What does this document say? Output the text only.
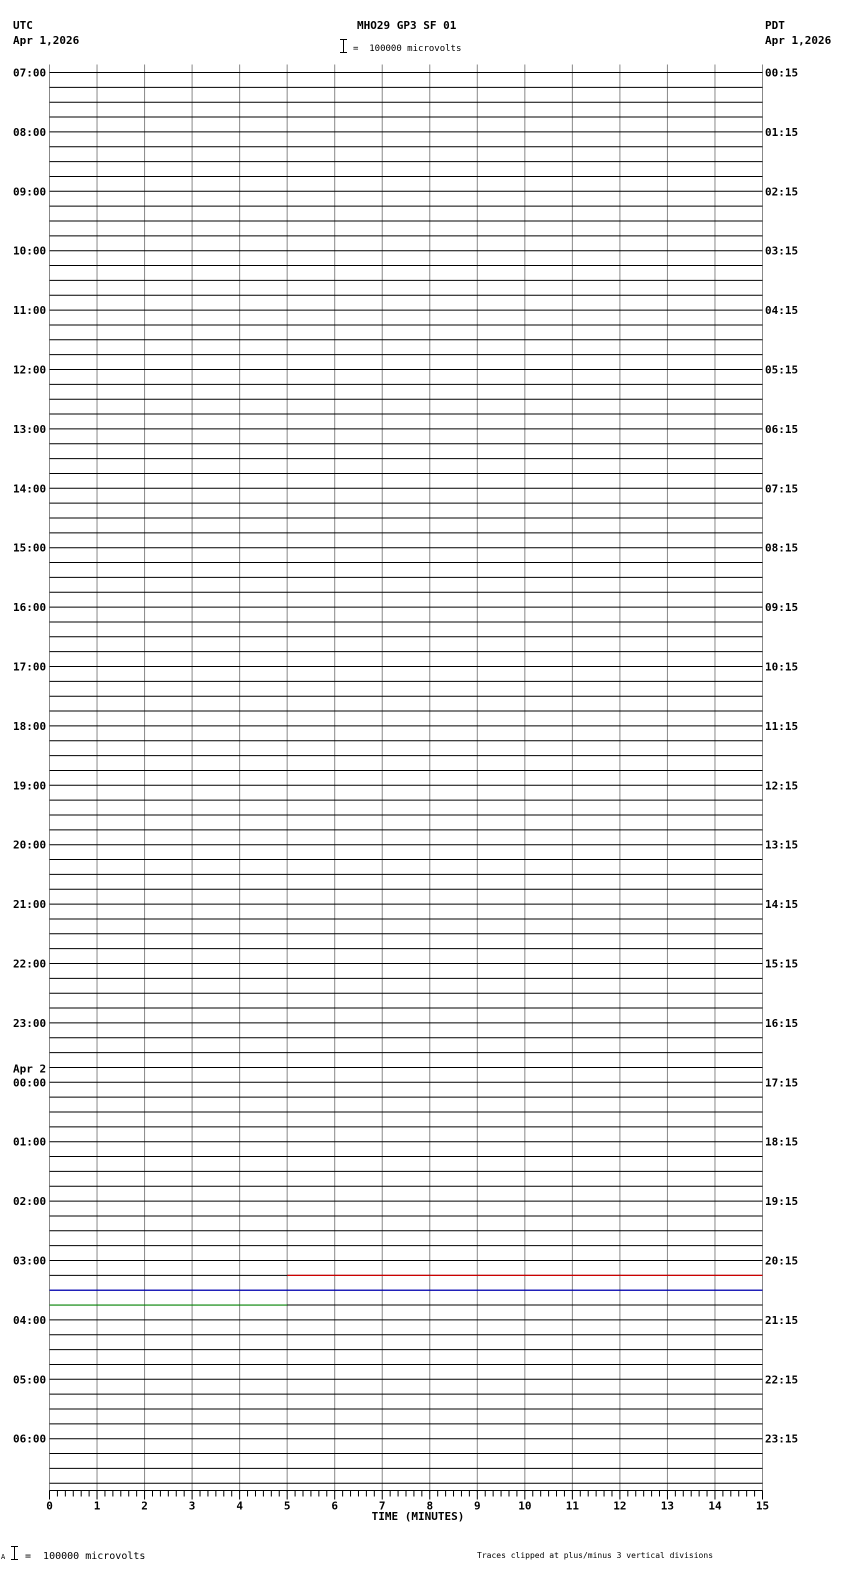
UTC
Apr 1,2026
MHO29 GP3 SF 01
=  100000 microvolts
PDT
Apr 1,2026
07:00
08:00
09:00
10:00
11:00
12:00
13:00
14:00
15:00
16:00
17:00
18:00
19:00
20:00
21:00
22:00
23:00
00:00
Apr 2
01:00
02:00
03:00
04:00
05:00
06:00
00:15
01:15
02:15
03:15
04:15
05:15
06:15
07:15
08:15
09:15
10:15
11:15
12:15
13:15
14:15
15:15
16:15
17:15
18:15
19:15
20:15
21:15
22:15
23:15
0	1	2	3	4	5	6	7	8	9	10	11	12	13	14	15
TIME (MINUTES)
A =  100000 microvolts	Traces clipped at plus/minus 3 vertical divisions
